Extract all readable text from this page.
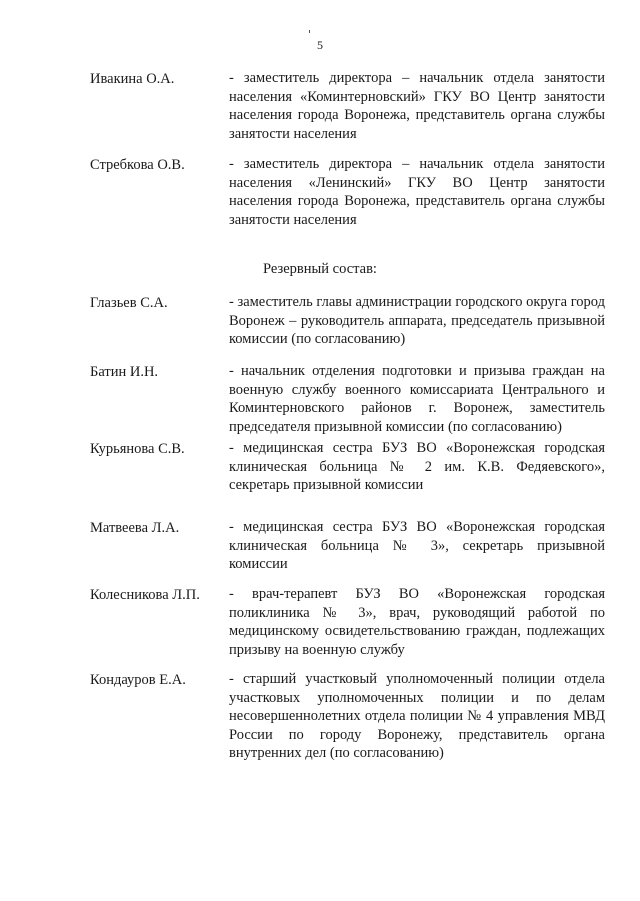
5
Ивакина О.А.	- заместитель директора – начальник отдела занятости населения «Коминтерновский» ГКУ ВО Центр занятости населения города Воронежа, представитель органа службы занятости населения
Стребкова О.В.	- заместитель директора – начальник отдела занятости населения «Ленинский» ГКУ ВО Центр занятости населения города Воронежа, представитель органа службы занятости населения
Резервный состав:
Глазьев С.А.	- заместитель главы администрации городского округа город Воронеж – руководитель аппарата, председатель призывной комиссии (по согласованию)
Батин И.Н.	- начальник отделения подготовки и призыва граждан на военную службу военного комиссариата Центрального и Коминтерновского районов г. Воронеж, заместитель председателя призывной комиссии (по согласованию)
Курьянова С.В.	- медицинская сестра БУЗ ВО «Воронежская городская клиническая больница № 2 им. К.В. Федяевского», секретарь призывной комиссии
Матвеева Л.А.	- медицинская сестра БУЗ ВО «Воронежская городская клиническая больница № 3», секретарь призывной комиссии
Колесникова Л.П. - врач-терапевт БУЗ ВО «Воронежская городская поликлиника № 3», врач, руководящий работой по медицинскому освидетельствованию граждан, подлежащих призыву на военную службу
Кондауров Е.А.	- старший участковый уполномоченный полиции отдела участковых уполномоченных полиции и по делам несовершеннолетних отдела полиции № 4 управления МВД России по городу Воронежу, представитель органа внутренних дел (по согласованию)
